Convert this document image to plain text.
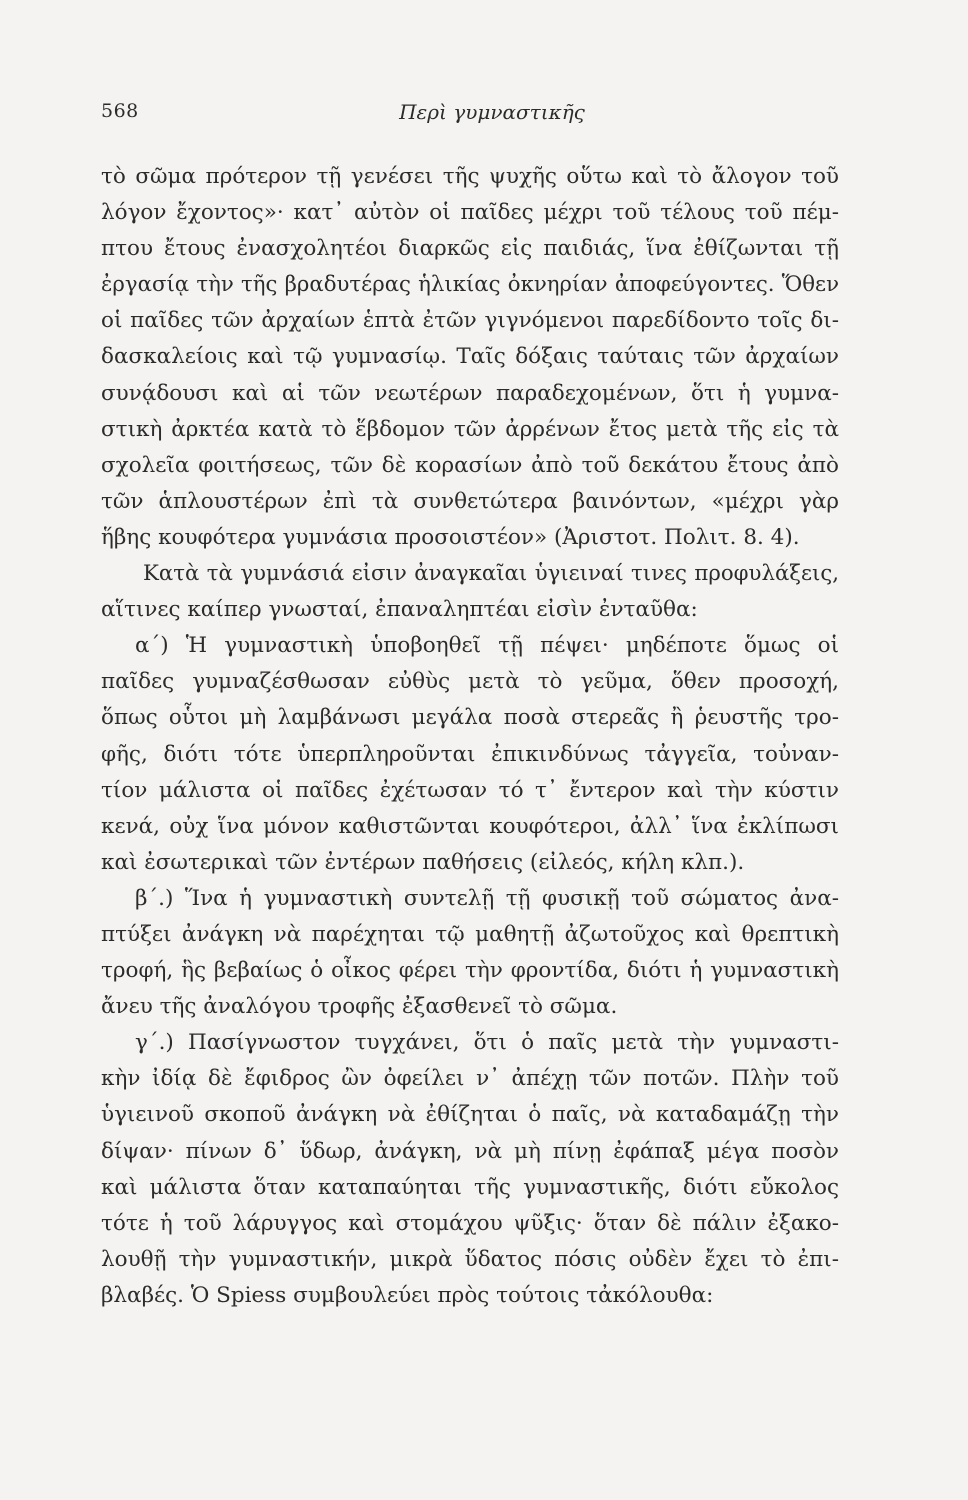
568	Περὶ γυμναστικῆς
τὸ σῶμα πρότερον τῇ γενέσει τῆς ψυχῆς οὕτω καὶ τὸ ἄλογον τοῦ
λόγον ἔχοντος»· κατ᾽ αὐτὸν οἱ παῖδες μέχρι τοῦ τέλους τοῦ πέμ-
πτου ἔτους ἐνασχολητέοι διαρκῶς εἰς παιδιάς, ἵνα ἐθίζωνται τῇ
ἐργασίᾳ τὴν τῆς βραδυτέρας ἡλικίας ὀκνηρίαν ἀποφεύγοντες. Ὅθεν
οἱ παῖδες τῶν ἀρχαίων ἑπτὰ ἐτῶν γιγνόμενοι παρεδίδοντο τοῖς δι-
δασκαλείοις καὶ τῷ γυμνασίῳ. Ταῖς δόξαις ταύταις τῶν ἀρχαίων
συνᾴδουσι καὶ αἱ τῶν νεωτέρων παραδεχομένων, ὅτι ἡ γυμνα-
στικὴ ἀρκτέα κατὰ τὸ ἕβδομον τῶν ἀρρένων ἔτος μετὰ τῆς εἰς τὰ
σχολεῖα φοιτήσεως, τῶν δὲ κορασίων ἀπὸ τοῦ δεκάτου ἔτους ἀπὸ
τῶν ἁπλουστέρων ἐπὶ τὰ συνθετώτερα βαινόντων, «μέχρι γὰρ
ἥβης κουφότερα γυμνάσια προσοιστέον» (Ἀριστοτ. Πολιτ. 8. 4).
Κατὰ τὰ γυμνάσιά εἰσιν ἀναγκαῖαι ὑγιειναί τινες προφυλάξεις,
αἵτινες καίπερ γνωσταί, ἐπαναληπτέαι εἰσὶν ἐνταῦθα:
α´) Ἡ γυμναστικὴ ὑποβοηθεῖ τῇ πέψει· μηδέποτε ὅμως οἱ
παῖδες γυμναζέσθωσαν εὐθὺς μετὰ τὸ γεῦμα, ὅθεν προσοχή,
ὅπως οὗτοι μὴ λαμβάνωσι μεγάλα ποσὰ στερεᾶς ἢ ῥευστῆς τρο-
φῆς, διότι τότε ὑπερπληροῦνται ἐπικινδύνως τἀγγεῖα, τοὐναν-
τίον μάλιστα οἱ παῖδες ἐχέτωσαν τό τ᾽ ἔντερον καὶ τὴν κύστιν
κενά, οὐχ ἵνα μόνον καθιστῶνται κουφότεροι, ἀλλ᾽ ἵνα ἐκλίπωσι
καὶ ἐσωτερικαὶ τῶν ἐντέρων παθήσεις (εἰλεός, κήλη κλπ.).
β´.) Ἵνα ἡ γυμναστικὴ συντελῇ τῇ φυσικῇ τοῦ σώματος ἀνα-
πτύξει ἀνάγκη νὰ παρέχηται τῷ μαθητῇ ἀζωτοῦχος καὶ θρεπτικὴ
τροφή, ἣς βεβαίως ὁ οἶκος φέρει τὴν φροντίδα, διότι ἡ γυμναστικὴ
ἄνευ τῆς ἀναλόγου τροφῆς ἐξασθενεῖ τὸ σῶμα.
γ´.) Πασίγνωστον τυγχάνει, ὅτι ὁ παῖς μετὰ τὴν γυμναστι-
κὴν ἰδίᾳ δὲ ἔφιδρος ὢν ὀφείλει ν᾽ ἀπέχῃ τῶν ποτῶν. Πλὴν τοῦ
ὑγιεινοῦ σκοποῦ ἀνάγκη νὰ ἐθίζηται ὁ παῖς, νὰ καταδαμάζῃ τὴν
δίψαν· πίνων δ᾽ ὕδωρ, ἀνάγκη, νὰ μὴ πίνῃ ἐφάπαξ μέγα ποσὸν
καὶ μάλιστα ὅταν καταπαύηται τῆς γυμναστικῆς, διότι εὔκολος
τότε ἡ τοῦ λάρυγγος καὶ στομάχου ψῦξις· ὅταν δὲ πάλιν ἐξακο-
λουθῇ τὴν γυμναστικήν, μικρὰ ὕδατος πόσις οὐδὲν ἔχει τὸ ἐπι-
βλαβές. Ὁ Spiess συμβουλεύει πρὸς τούτοις τἀκόλουθα:
